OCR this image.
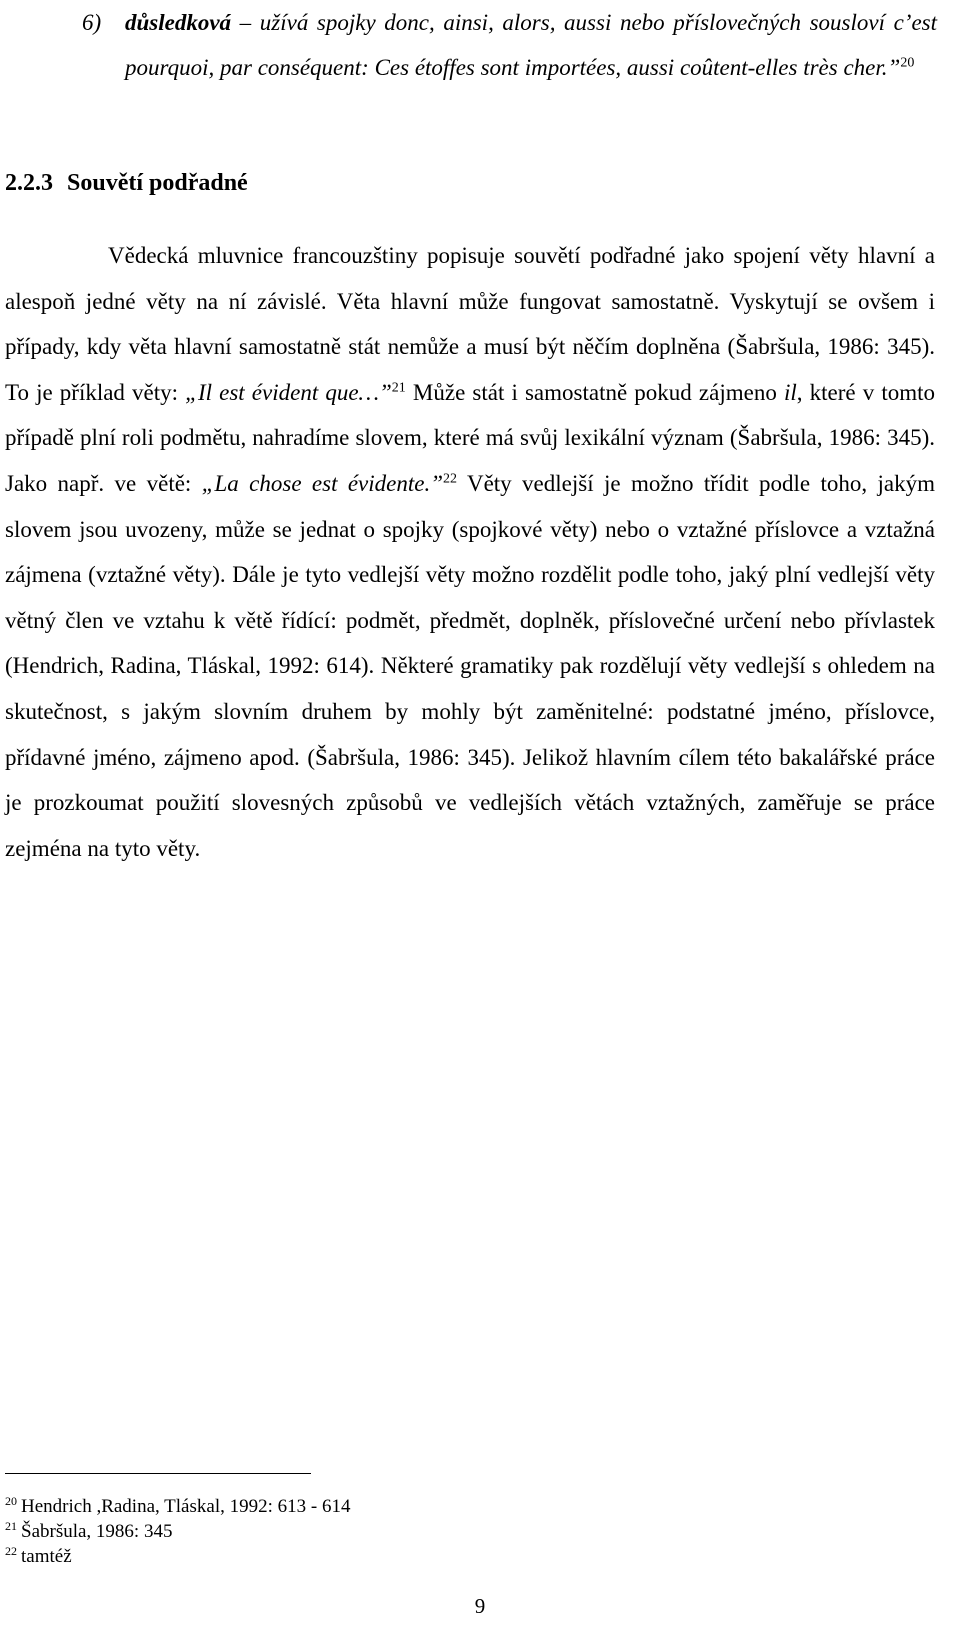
6) důsledková – užívá spojky donc, ainsi, alors, aussi nebo příslovečných sousloví c’est pourquoi, par conséquent: Ces étoffes sont importées, aussi coûtent-elles très cher.”$^{20}$
2.2.3 Souvětí podřadné

Vědecká mluvnice francouzštiny popisuje souvětí podřadné jako spojení věty hlavní a alespoň jedné věty na ní závislé. Věta hlavní může fungovat samostatně. Vyskytují se ovšem i případy, kdy věta hlavní samostatně stát nemůže a musí být něčím doplněna (Šabršula, 1986: 345). To je příklad věty: „Il est évident que…”$^{21}$ Může stát i samostatně pokud zájmeno il, které v tomto případě plní roli podmětu, nahradíme slovem, které má svůj lexikální význam (Šabršula, 1986: 345). Jako např. ve větě: „La chose est évidente.”$^{22}$ Věty vedlejší je možno třídit podle toho, jakým slovem jsou uvozeny, může se jednat o spojky (spojkové věty) nebo o vztažné příslovce a vztažná zájmena (vztažné věty). Dále je tyto vedlejší věty možno rozdělit podle toho, jaký plní vedlejší věty větný člen ve vztahu k větě řídící: podmět, předmět, doplněk, příslovečné určení nebo přívlastek (Hendrich, Radina, Tláskal, 1992: 614). Některé gramatiky pak rozdělují věty vedlejší s ohledem na skutečnost, s jakým slovním druhem by mohly být zaměnitelné: podstatné jméno, příslovce, přídavné jméno, zájmeno apod. (Šabršula, 1986: 345). Jelikož hlavním cílem této bakalářské práce je prozkoumat použití slovesných způsobů ve vedlejších větách vztažných, zaměřuje se práce zejména na tyto věty.

$^{20}$ Hendrich ,Radina, Tláskal, 1992: 613 - 614
$^{21}$ Šabršula, 1986: 345
$^{22}$ tamtéž
9
